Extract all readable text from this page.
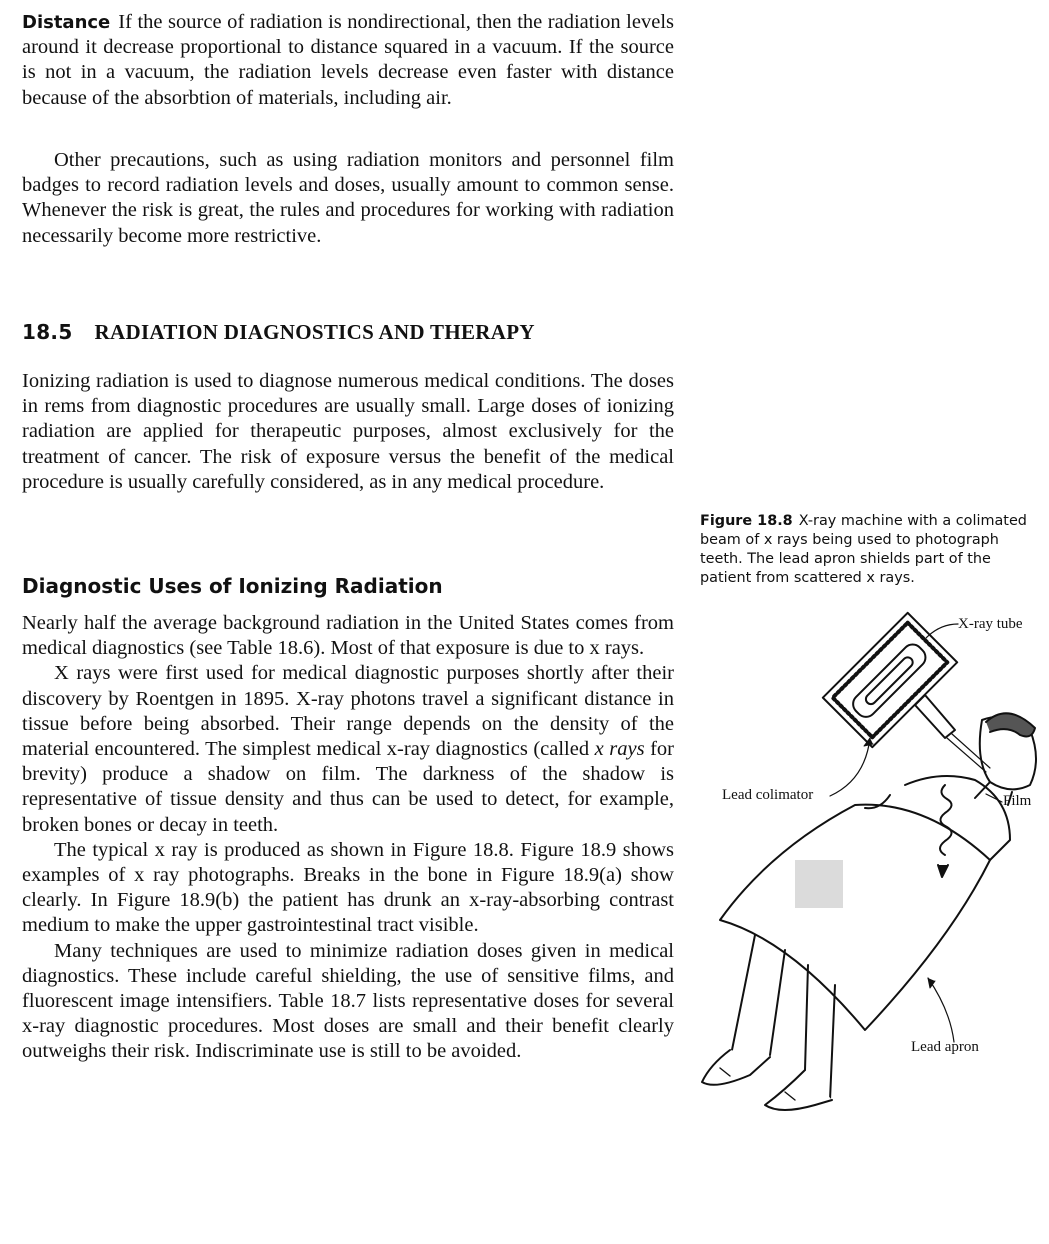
Distance If the source of radiation is nondirectional, then the radiation levels around it decrease proportional to distance squared in a vacuum. If the source is not in a vacuum, the radiation levels decrease even faster with distance because of the absorbtion of materials, including air.

Other precautions, such as using radiation monitors and personnel film badges to record radiation levels and doses, usually amount to common sense. Whenever the risk is great, the rules and procedures for working with radiation necessarily become more restrictive.

18.5 RADIATION DIAGNOSTICS AND THERAPY

Ionizing radiation is used to diagnose numerous medical conditions. The doses in rems from diagnostic procedures are usually small. Large doses of ionizing radiation are applied for therapeutic purposes, almost exclusively for the treatment of cancer. The risk of exposure versus the benefit of the medical procedure is usually carefully considered, as in any medical procedure.

Diagnostic Uses of Ionizing Radiation

Nearly half the average background radiation in the United States comes from medical diagnostics (see Table 18.6). Most of that exposure is due to x rays.

X rays were first used for medical diagnostic purposes shortly after their discovery by Roentgen in 1895. X-ray photons travel a significant distance in tissue before being absorbed. Their range depends on the density of the material encountered. The simplest medical x-ray diagnostics (called x rays for brevity) produce a shadow on film. The darkness of the shadow is representative of tissue density and thus can be used to detect, for example, broken bones or decay in teeth.

The typical x ray is produced as shown in Figure 18.8. Figure 18.9 shows examples of x ray photographs. Breaks in the bone in Figure 18.9(a) show clearly. In Figure 18.9(b) the patient has drunk an x-ray-absorbing contrast medium to make the upper gastrointestinal tract visible.

Many techniques are used to minimize radiation doses given in medical diagnostics. These include careful shielding, the use of sensitive films, and fluorescent image intensifiers. Table 18.7 lists representative doses for several x-ray diagnostic procedures. Most doses are small and their benefit clearly outweighs their risk. Indiscriminate use is still to be avoided.

Figure 18.8 X-ray machine with a colimated beam of x rays being used to photograph teeth. The lead apron shields part of the patient from scattered x rays.
X-ray tube
Lead colimator	Film
Lead apron
